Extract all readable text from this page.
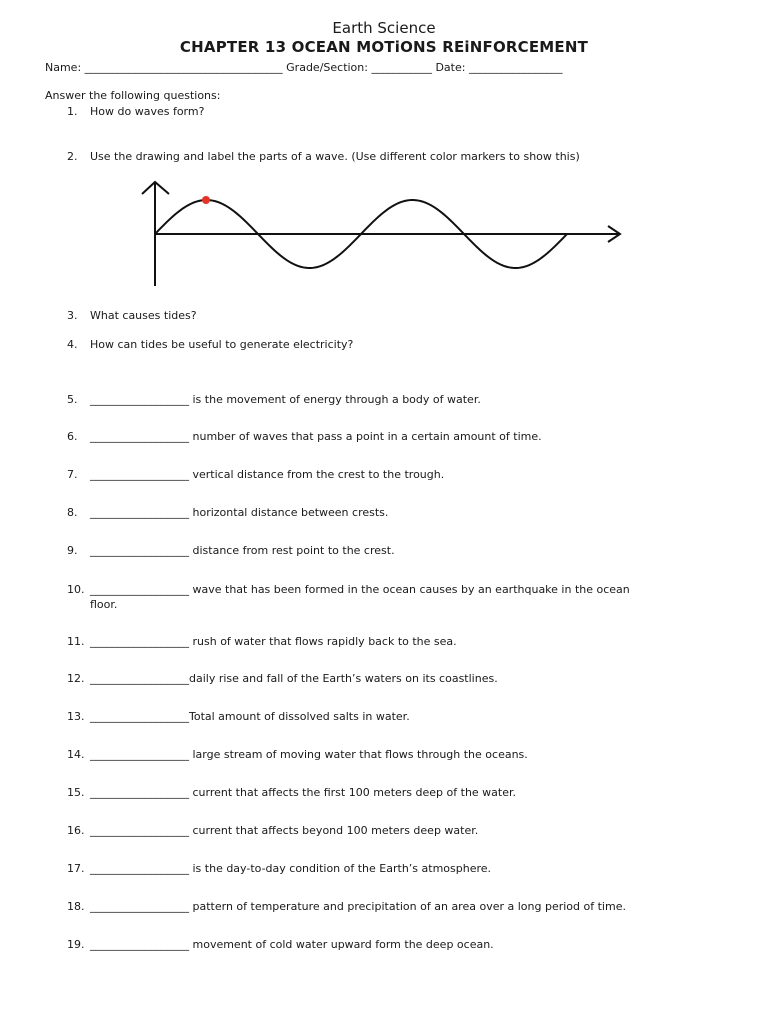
Earth Science
CHAPTER 13 OCEAN MOTiONS REiNFORCEMENT
Name: ____________________________________ Grade/Section: ___________ Date: _________________
Answer the following questions:
1. How do waves form?
2. Use the drawing and label the parts of a wave. (Use different color markers to show this)
3. What causes tides?
4. How can tides be useful to generate electricity?
5. __________________ is the movement of energy through a body of water.
6. __________________ number of waves that pass a point in a certain amount of time.
7. __________________ vertical distance from the crest to the trough.
8. __________________ horizontal distance between crests.
9. __________________ distance from rest point to the crest.
10. __________________ wave that has been formed in the ocean causes by an earthquake in the ocean
floor.
11. __________________ rush of water that flows rapidly back to the sea.
12. __________________daily rise and fall of the Earth’s waters on its coastlines.
13. __________________Total amount of dissolved salts in water.
14. __________________ large stream of moving water that flows through the oceans.
15. __________________ current that affects the first 100 meters deep of the water.
16. __________________ current that affects beyond 100 meters deep water.
17. __________________ is the day-to-day condition of the Earth’s atmosphere.
18. __________________ pattern of temperature and precipitation of an area over a long period of time.
19. __________________ movement of cold water upward form the deep ocean.
